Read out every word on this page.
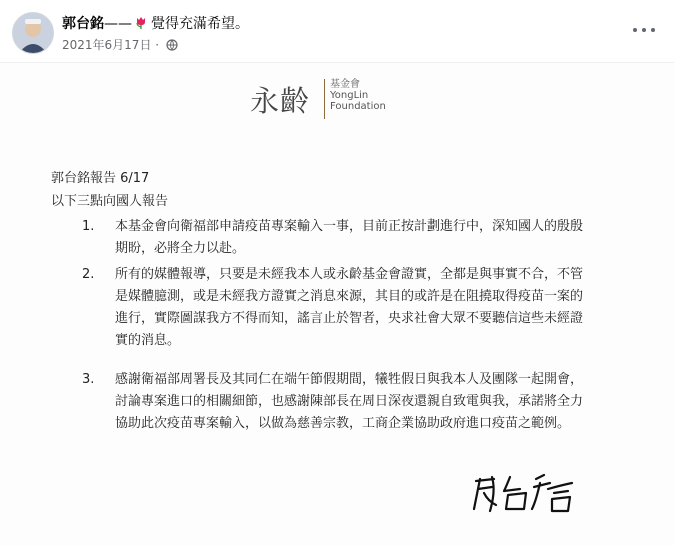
郭台銘—— 覺得充滿希望。
2021年6月17日 ·
永齡 基金會
YongLin
Foundation
郭台銘報告 6/17
以下三點向國人報告
1. 本基金會向衛福部申請疫苗專案輸入一事，目前正按計劃進行中，深知國人的殷殷
期盼，必將全力以赴。
2. 所有的媒體報導，只要是未經我本人或永齡基金會證實，全都是與事實不合，不管
是媒體臆測，或是未經我方證實之消息來源，其目的或許是在阻撓取得疫苗一案的
進行，實際圖謀我方不得而知，謠言止於智者，央求社會大眾不要聽信這些未經證
實的消息。
3. 感謝衛福部周署長及其同仁在端午節假期間，犧牲假日與我本人及團隊一起開會，
討論專案進口的相關細節，也感謝陳部長在周日深夜還親自致電與我，承諾將全力
協助此次疫苗專案輸入，以做為慈善宗教，工商企業協助政府進口疫苗之範例。
